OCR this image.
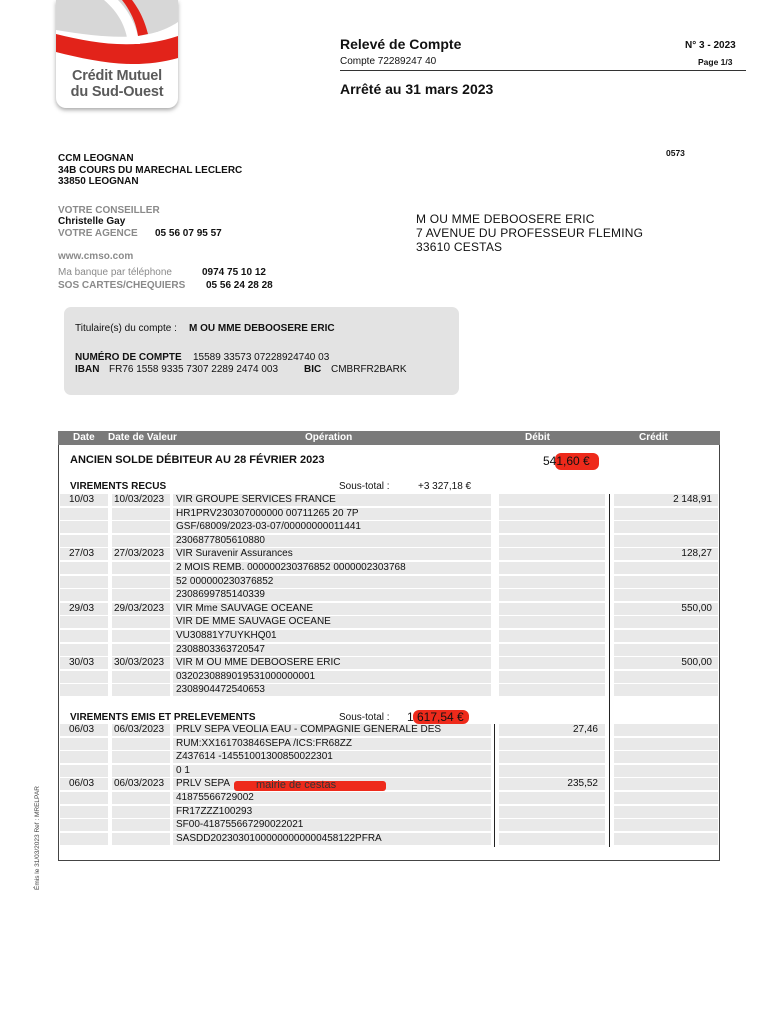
Crédit Mutuel
du Sud-Ouest
Relevé de Compte
Compte 72289247 40
N° 3 - 2023
Page 1/3
Arrêté au 31 mars 2023
0573
CCM LEOGNAN
34B COURS DU MARECHAL LECLERC
33850 LEOGNAN
VOTRE CONSEILLER
Christelle Gay
VOTRE AGENCE 05 56 07 95 57
www.cmso.com
Ma banque par téléphone	0974 75 10 12
SOS CARTES/CHEQUIERS 05 56 24 28 28
M OU MME DEBOOSERE ERIC
7 AVENUE DU PROFESSEUR FLEMING
33610 CESTAS
Titulaire(s) du compte : M OU MME DEBOOSERE ERIC
NUMÉRO DE COMPTE 15589 33573 07228924740 03
IBAN FR76 1558 9335 7307 2289 2474 003	BIC CMBRFR2BARK
Date Date de Valeur	Opération	Débit	Crédit
ANCIEN SOLDE DÉBITEUR AU 28 FÉVRIER 2023	541,60 €
VIREMENTS RECUS	Sous-total :	+3 327,18 €
10/03 10/03/2023 VIR GROUPE SERVICES FRANCE	2 148,91
HR1PRV230307000000 00711265 20 7P
GSF/68009/2023-03-07/00000000011441
2306877805610880
27/03 27/03/2023 VIR Suravenir Assurances	128,27
2 MOIS REMB. 000000230376852 0000002303768
52 000000230376852
2308699785140339
29/03 29/03/2023 VIR Mme SAUVAGE OCEANE	550,00
VIR DE MME SAUVAGE OCEANE
VU30881Y7UYKHQ01
2308803363720547
30/03 30/03/2023 VIR M OU MME DEBOOSERE ERIC	500,00
0320230889019531000000001
2308904472540653
VIREMENTS EMIS ET PRELEVEMENTS	Sous-total : 1 617,54 €
06/03 06/03/2023 PRLV SEPA VEOLIA EAU - COMPAGNIE GENERALE DES	27,46
RUM:XX161703846SEPA /ICS:FR68ZZ
Z437614 -14551001300850022301
0 1
06/03 06/03/2023 PRLV SEPA	235,52
41875566729002
FR17ZZZ100293
SF00-418755667290022021
SASDD20230301000000000000458122PFRA
mairie de cestas
Émis le 31/03/2023 Ref : MRELPAR
